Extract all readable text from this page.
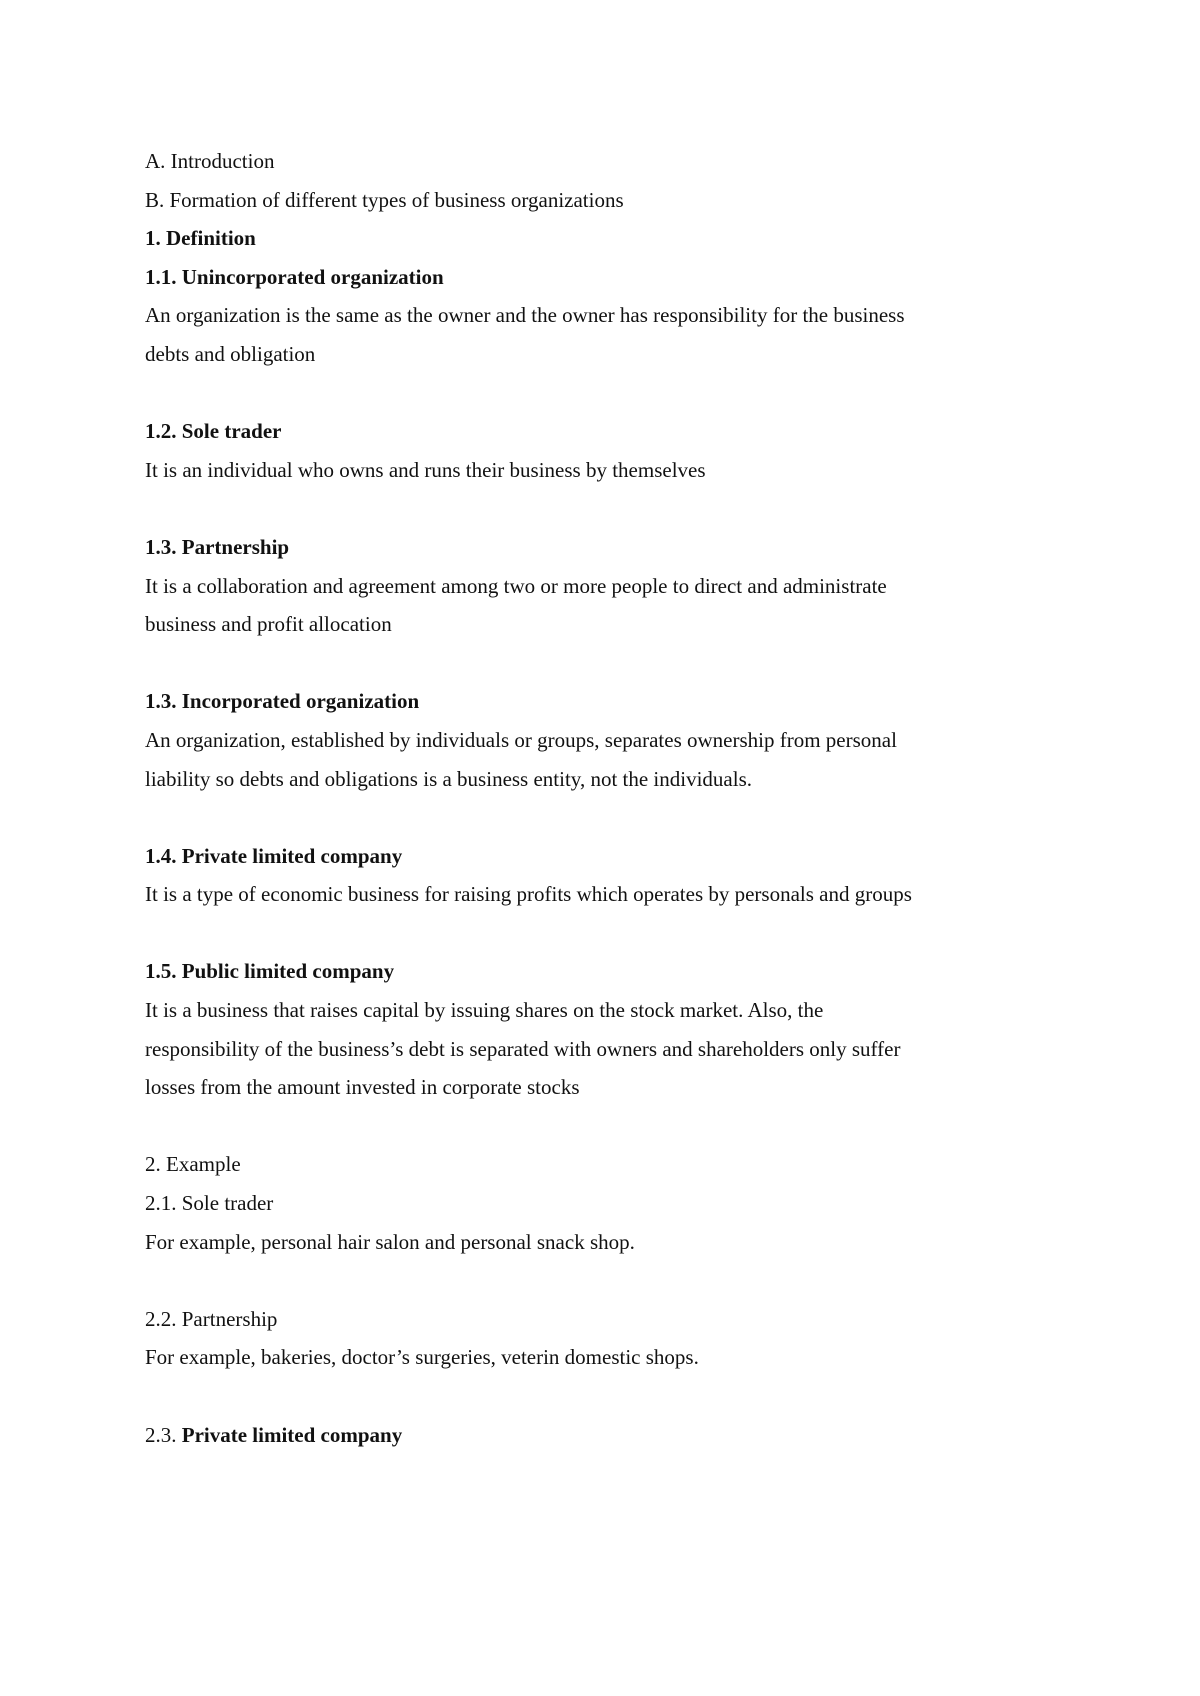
A. Introduction
B. Formation of different types of business organizations
1. Definition
1.1. Unincorporated organization
An organization is the same as the owner and the owner has responsibility for the business
debts and obligation
1.2. Sole trader
It is an individual who owns and runs their business by themselves
1.3. Partnership
It is a collaboration and agreement among two or more people to direct and administrate
business and profit allocation
1.3. Incorporated organization
An organization, established by individuals or groups, separates ownership from personal
liability so debts and obligations is a business entity, not the individuals.
1.4. Private limited company
It is a type of economic business for raising profits which operates by personals and groups
1.5. Public limited company
It is a business that raises capital by issuing shares on the stock market. Also, the
responsibility of the business’s debt is separated with owners and shareholders only suffer
losses from the amount invested in corporate stocks
2. Example
2.1. Sole trader
For example, personal hair salon and personal snack shop.
2.2. Partnership
For example, bakeries, doctor’s surgeries, veterin domestic shops.
2.3. Private limited company
